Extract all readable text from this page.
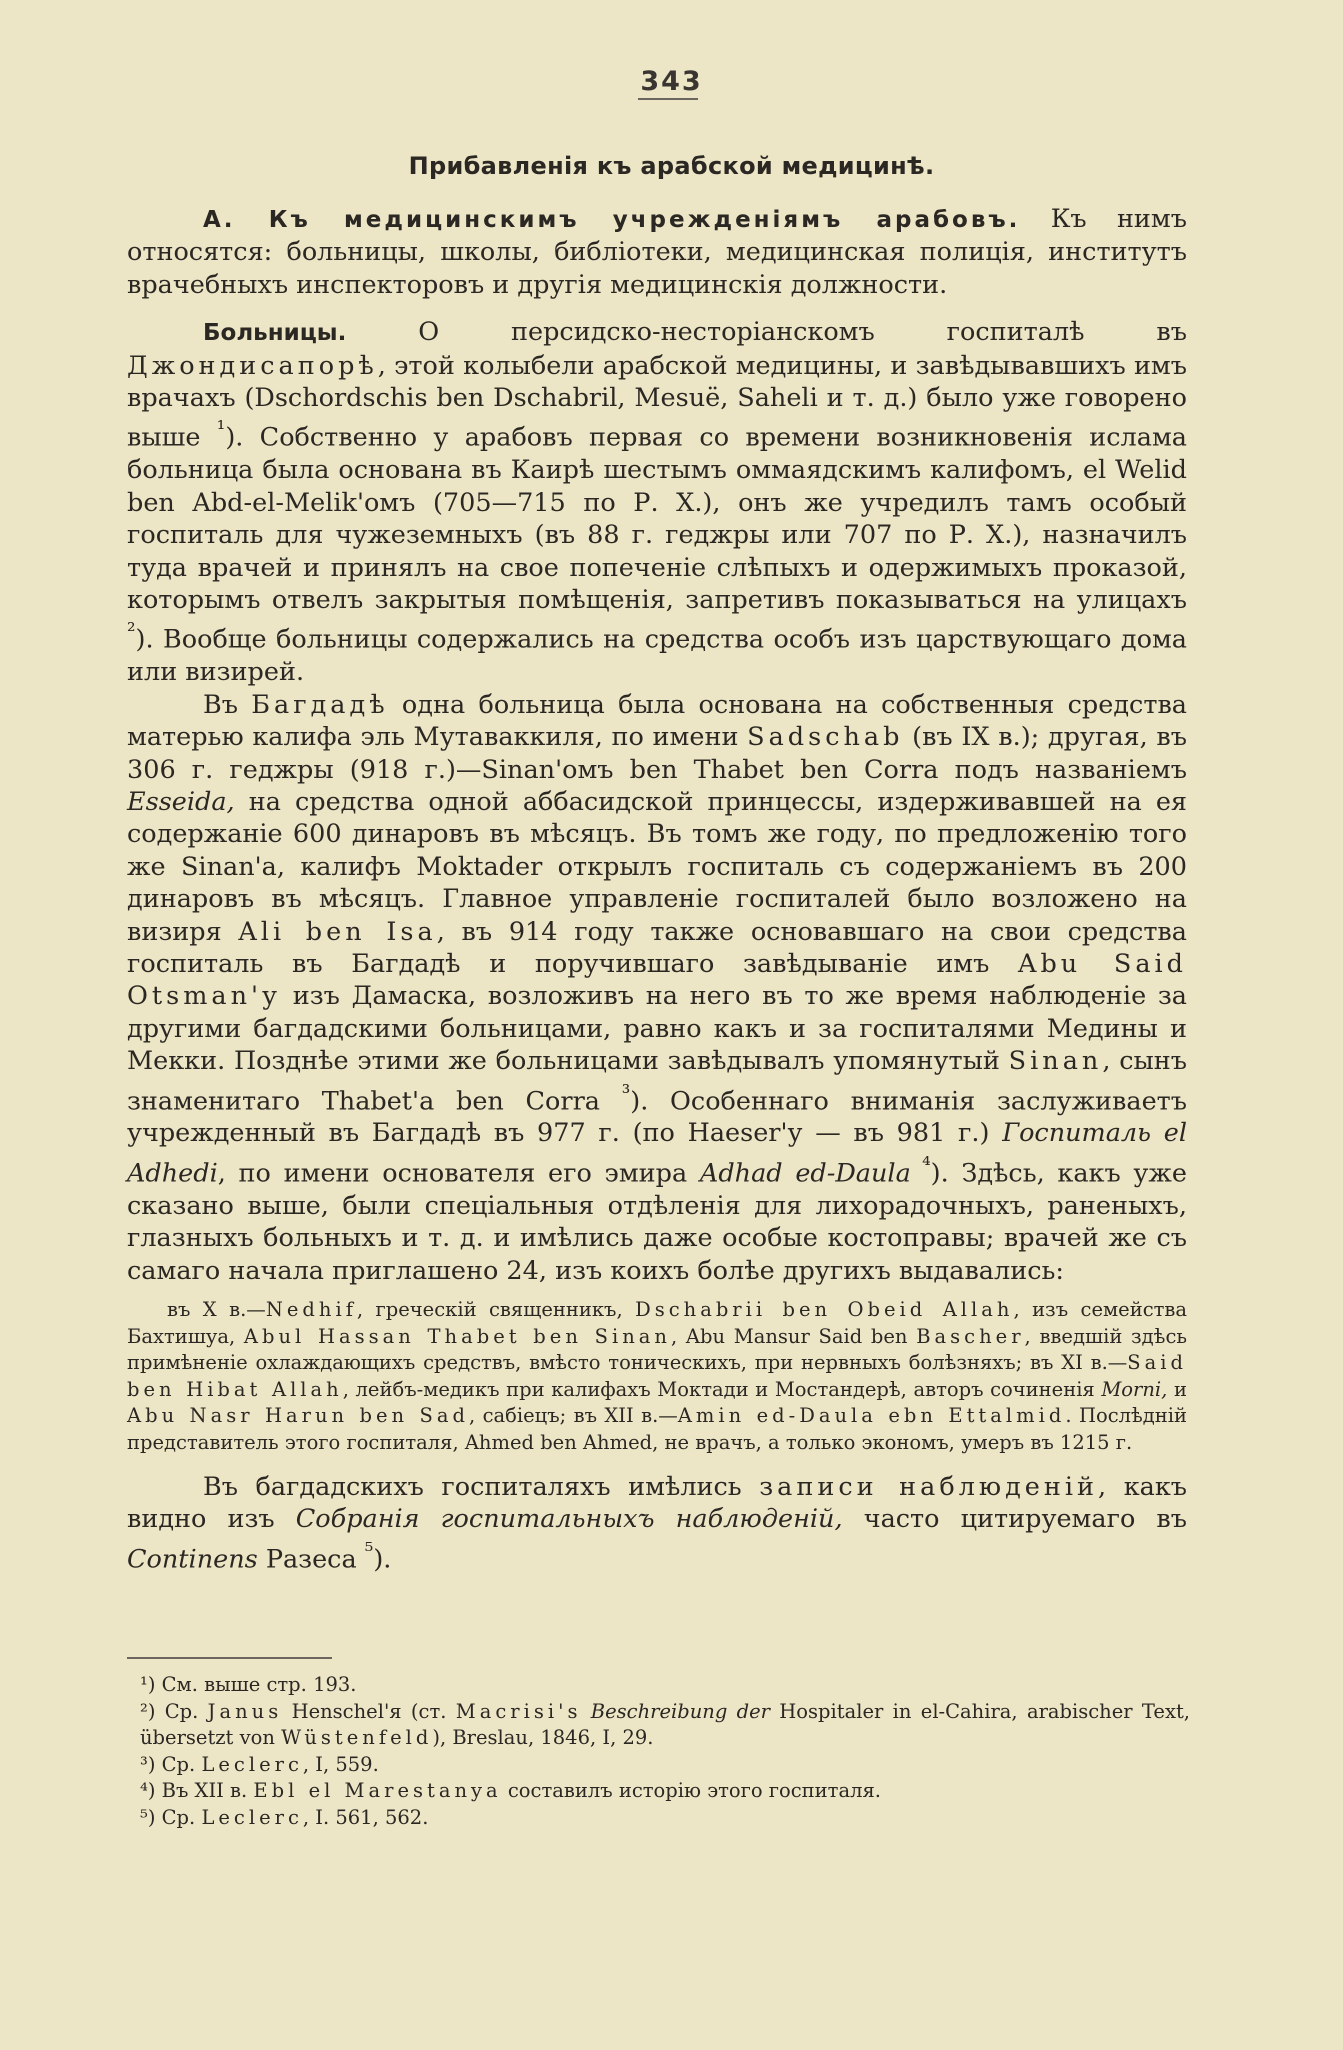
343
Прибавленія къ арабской медицинѣ.

А. Къ медицинскимъ учрежденіямъ арабовъ. Къ нимъ относятся: больницы, школы, библіотеки, медицинская полиція, институтъ врачебныхъ инспекторовъ и другія медицинскія должности.

Больницы. О персидско-несторіанскомъ госпиталѣ въ Джондисапорѣ, этой колыбели арабской медицины, и завѣдывавшихъ имъ врачахъ (Dschordschis ben Dschabril, Mesuë, Saheli и т. д.) было уже говорено выше $^{^1}$). Собственно у арабовъ первая со времени возникновенія ислама больница была основана въ Каирѣ шестымъ оммаядскимъ калифомъ, el Welid ben Abd-el-Melik'омъ (705—715 по Р. Х.), онъ же учредилъ тамъ особый госпиталь для чужеземныхъ (въ 88 г. геджры или 707 по Р. Х.), назначилъ туда врачей и принялъ на свое попеченіе слѣпыхъ и одержимыхъ проказой, которымъ отвелъ закрытыя помѣщенія, запретивъ показываться на улицахъ $^{^2}$). Вообще больницы содержались на средства особъ изъ царствующаго дома или визирей.

Въ Багдадѣ одна больница была основана на собственныя средства матерью калифа эль Мутаваккиля, по имени Sadschab (въ IX в.); другая, въ 306 г. геджры (918 г.)—Sinan'омъ ben Thabet ben Corra подъ названіемъ Esseida, на средства одной аббасидской принцессы, издерживавшей на ея содержаніе 600 динаровъ въ мѣсяцъ. Въ томъ же году, по предложенію того же Sinan'a, калифъ Moktader открылъ госпиталь съ содержаніемъ въ 200 динаровъ въ мѣсяцъ. Главное управленіе госпиталей было возложено на визиря Ali ben Isa, въ 914 году также основавшаго на свои средства госпиталь въ Багдадѣ и поручившаго завѣдываніе имъ Abu Said Otsman'у изъ Дамаска, возложивъ на него въ то же время наблюденіе за другими багдадскими больницами, равно какъ и за госпиталями Медины и Мекки. Позднѣе этими же больницами завѣдывалъ упомянутый Sinan, сынъ знаменитаго Thabet'a ben Corra $^{^3}$). Особеннаго вниманія заслуживаетъ учрежденный въ Багдадѣ въ 977 г. (по Haeser'у — въ 981 г.) Госпиталь el Adhedi, по имени основателя его эмира Adhad ed-Daula $^{^4}$). Здѣсь, какъ уже сказано выше, были спеціальныя отдѣленія для лихорадочныхъ, раненыхъ, глазныхъ больныхъ и т. д. и имѣлись даже особые костоправы; врачей же съ самаго начала приглашено 24, изъ коихъ болѣе другихъ выдавались:

въ X в.—Nedhif, греческій священникъ, Dschabrii ben Obeid Allah, изъ семейства Бахтишуа, Abul Hassan Thabet ben Sinan, Abu Mansur Said ben Bascher, введшій здѣсь примѣненіе охлаждающихъ средствъ, вмѣсто тоническихъ, при нервныхъ болѣзняхъ; въ XI в.—Said ben Hibat Allah, лейбъ-медикъ при калифахъ Моктади и Мостандерѣ, авторъ сочиненія Morni, и Abu Nasr Harun ben Sad, сабіецъ; въ XII в.—Amin ed-Daula ebn Ettalmid. Послѣдній представитель этого госпиталя, Ahmed ben Ahmed, не врачъ, а только экономъ, умеръ въ 1215 г.

Въ багдадскихъ госпиталяхъ имѣлись записи наблюденій, какъ видно изъ Собранія госпитальныхъ наблюденій, часто цитируемаго въ Continens Разеса $^{^5}$).

¹) См. выше стр. 193.

²) Ср. Janus Henschel'я (ст. Macrisi's Beschreibung der Hospitaler in el-Cahira, arabischer Text, übersetzt von Wüstenfeld), Breslau, 1846, I, 29.

³) Ср. Leclerc, I, 559.

⁴) Въ XII в. Ebl el Marestanya составилъ исторію этого госпиталя.

⁵) Ср. Leclerc, I. 561, 562.
